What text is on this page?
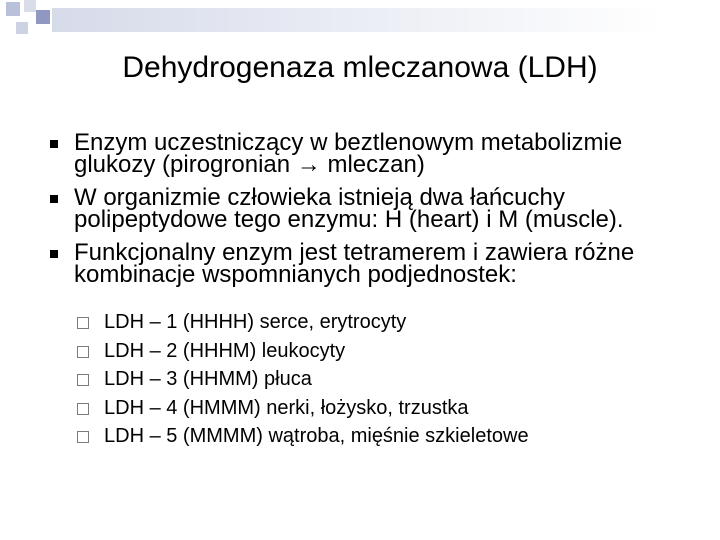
Dehydrogenaza mleczanowa (LDH)
Enzym uczestniczący w beztlenowym metabolizmie glukozy (pirogronian → mleczan)
W organizmie człowieka istnieją dwa łańcuchy polipeptydowe tego enzymu: H (heart) i M (muscle).
Funkcjonalny enzym jest tetramerem i zawiera różne kombinacje wspomnianych podjednostek:
LDH – 1 (HHHH) serce, erytrocyty
LDH – 2 (HHHM) leukocyty
LDH – 3 (HHMM) płuca
LDH – 4 (HMMM) nerki, łożysko, trzustka
LDH – 5 (MMMM) wątroba, mięśnie szkieletowe
